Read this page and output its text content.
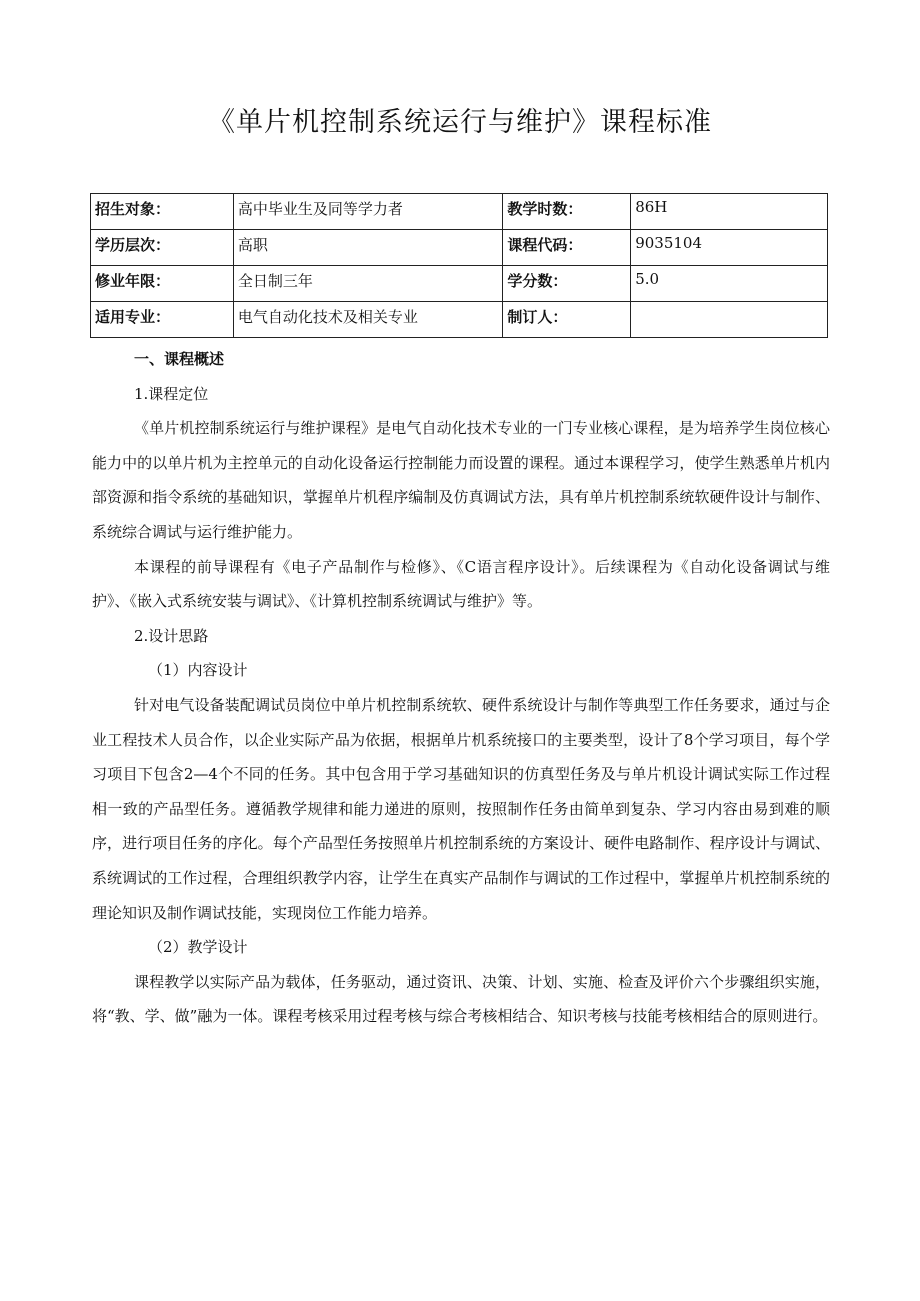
《单片机控制系统运行与维护》课程标准
招生对象：	高中毕业生及同等学力者	教学时数：	86H
学历层次：	高职	课程代码：	9035104
修业年限：	全日制三年	学分数：	5.0
适用专业：	电气自动化技术及相关专业	制订人：	

一、课程概述

1.课程定位

《单片机控制系统运行与维护课程》是电气自动化技术专业的一门专业核心课程，是为培养学生岗位核心能力中的以单片机为主控单元的自动化设备运行控制能力而设置的课程。通过本课程学习，使学生熟悉单片机内部资源和指令系统的基础知识，掌握单片机程序编制及仿真调试方法，具有单片机控制系统软硬件设计与制作、系统综合调试与运行维护能力。

本课程的前导课程有《电子产品制作与检修》、《C语言程序设计》。后续课程为《自动化设备调试与维护》、《嵌入式系统安装与调试》、《计算机控制系统调试与维护》等。

2.设计思路

（1）内容设计

针对电气设备装配调试员岗位中单片机控制系统软、硬件系统设计与制作等典型工作任务要求，通过与企业工程技术人员合作，以企业实际产品为依据，根据单片机系统接口的主要类型，设计了8个学习项目，每个学习项目下包含2—4个不同的任务。其中包含用于学习基础知识的仿真型任务及与单片机设计调试实际工作过程相一致的产品型任务。遵循教学规律和能力递进的原则，按照制作任务由简单到复杂、学习内容由易到难的顺序，进行项目任务的序化。每个产品型任务按照单片机控制系统的方案设计、硬件电路制作、程序设计与调试、系统调试的工作过程，合理组织教学内容，让学生在真实产品制作与调试的工作过程中，掌握单片机控制系统的理论知识及制作调试技能，实现岗位工作能力培养。

（2）教学设计

课程教学以实际产品为载体，任务驱动，通过资讯、决策、计划、实施、检查及评价六个步骤组织实施，将“教、学、做”融为一体。课程考核采用过程考核与综合考核相结合、知识考核与技能考核相结合的原则进行。
